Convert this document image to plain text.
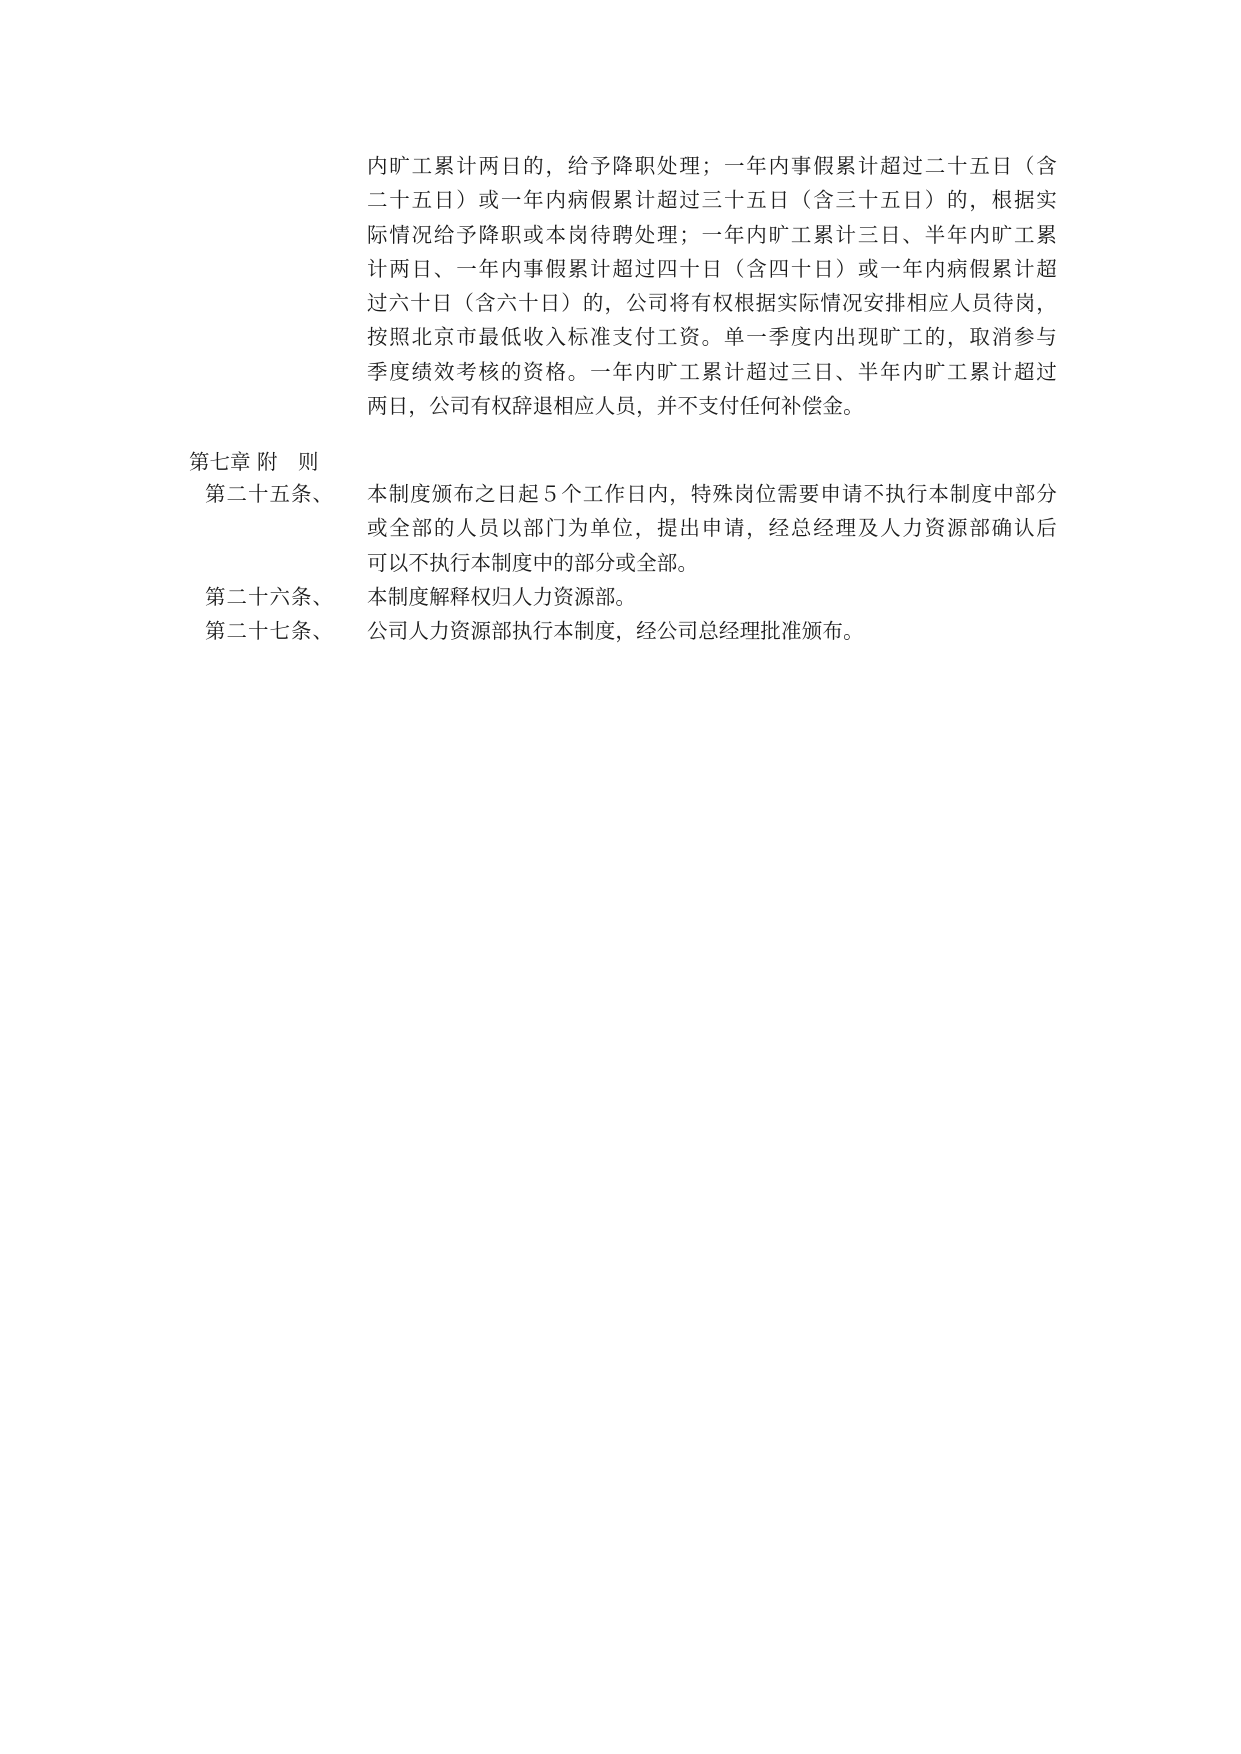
内旷工累计两日的，给予降职处理；一年内事假累计超过二十五日（含
二十五日）或一年内病假累计超过三十五日（含三十五日）的，根据实
际情况给予降职或本岗待聘处理；一年内旷工累计三日、半年内旷工累
计两日、一年内事假累计超过四十日（含四十日）或一年内病假累计超
过六十日（含六十日）的，公司将有权根据实际情况安排相应人员待岗，
按照北京市最低收入标准支付工资。单一季度内出现旷工的，取消参与
季度绩效考核的资格。一年内旷工累计超过三日、半年内旷工累计超过
两日，公司有权辞退相应人员，并不支付任何补偿金。
第七章 附　则
第二十五条、 本制度颁布之日起５个工作日内，特殊岗位需要申请不执行本制度中部分
或全部的人员以部门为单位，提出申请，经总经理及人力资源部确认后
可以不执行本制度中的部分或全部。
第二十六条、 本制度解释权归人力资源部。
第二十七条、 公司人力资源部执行本制度，经公司总经理批准颁布。
